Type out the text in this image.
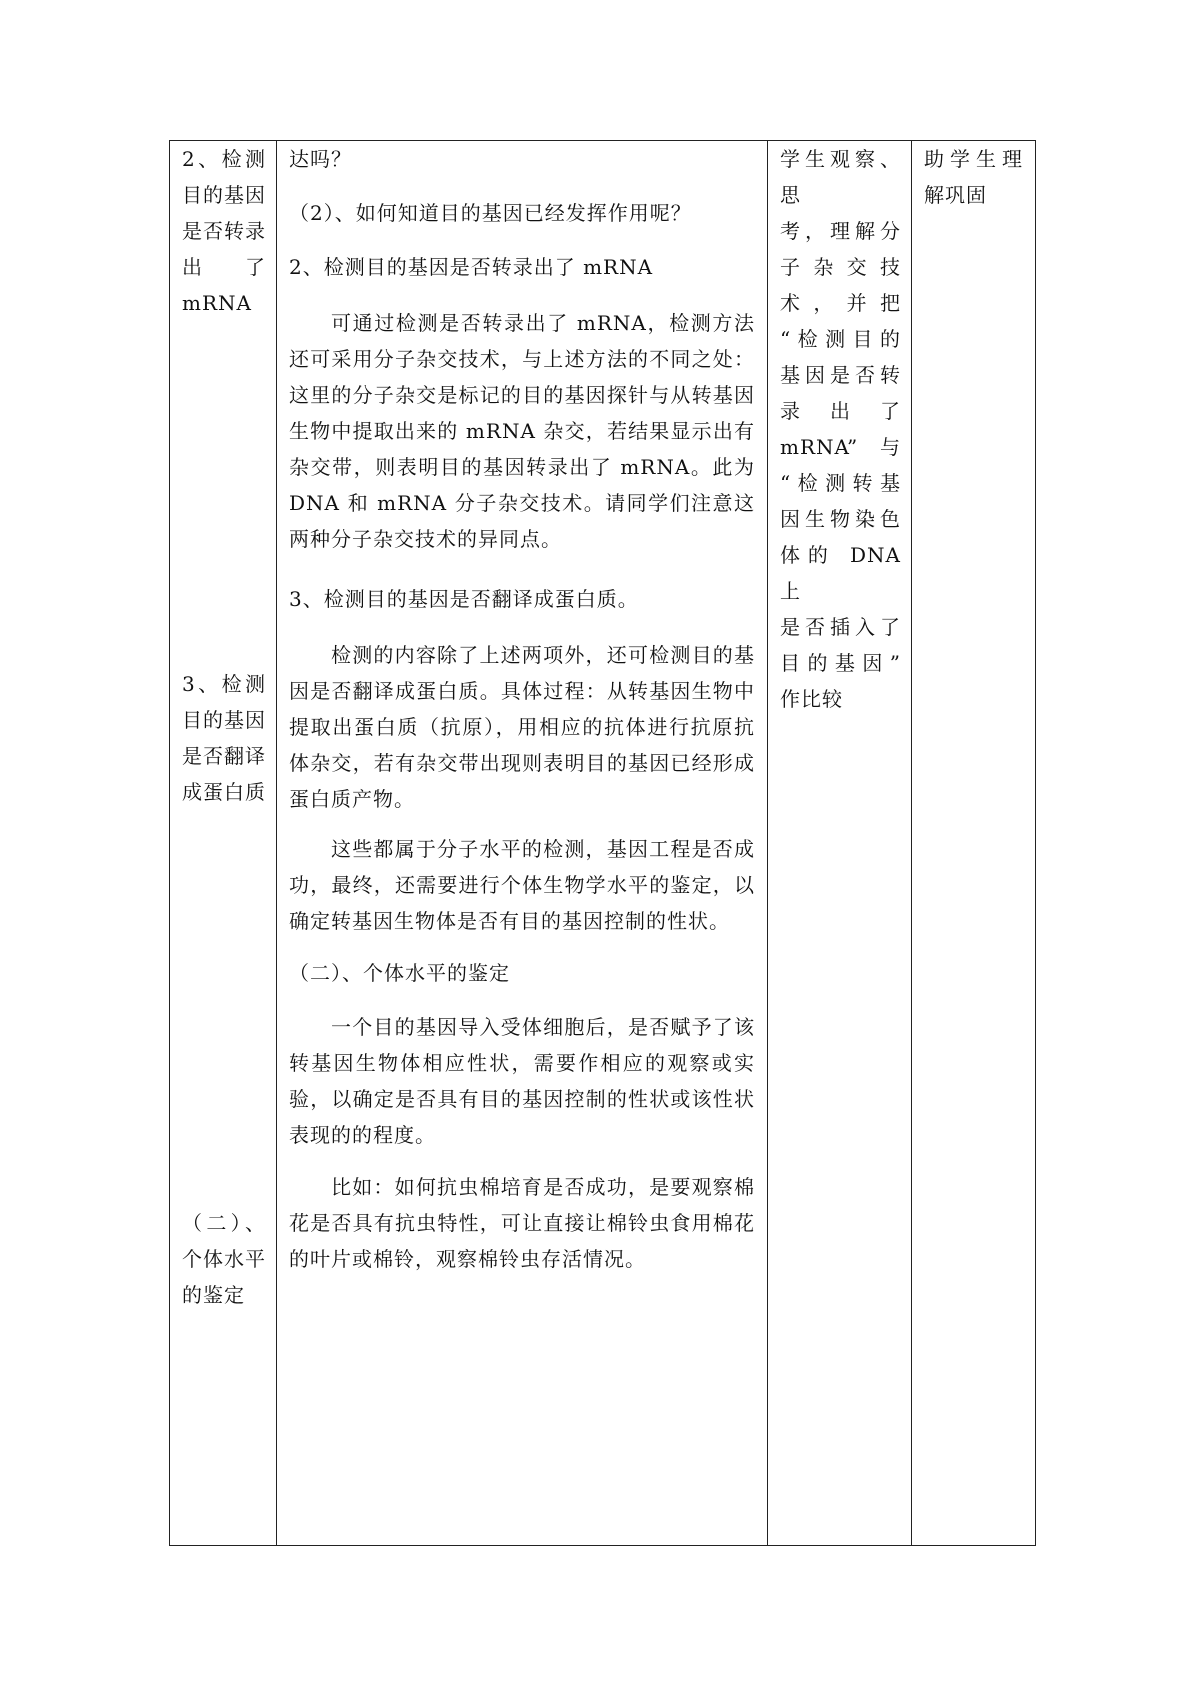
2、检测
目的基因
是否转录
出　　了
mRNA
3、检测
目的基因
是否翻译
成蛋白质
（二）、
个体水平
的鉴定

达吗？
（2）、如何知道目的基因已经发挥作用呢？
2、检测目的基因是否转录出了 mRNA
可通过检测是否转录出了 mRNA，检测方法还可采用分子杂交技术，与上述方法的不同之处：这里的分子杂交是标记的目的基因探针与从转基因生物中提取出来的 mRNA 杂交，若结果显示出有杂交带，则表明目的基因转录出了 mRNA。此为 DNA 和 mRNA 分子杂交技术。请同学们注意这两种分子杂交技术的异同点。
3、检测目的基因是否翻译成蛋白质。
检测的内容除了上述两项外，还可检测目的基因是否翻译成蛋白质。具体过程：从转基因生物中提取出蛋白质（抗原），用相应的抗体进行抗原抗体杂交，若有杂交带出现则表明目的基因已经形成蛋白质产物。
这些都属于分子水平的检测，基因工程是否成功，最终，还需要进行个体生物学水平的鉴定，以确定转基因生物体是否有目的基因控制的性状。
（二）、个体水平的鉴定
一个目的基因导入受体细胞后，是否赋予了该转基因生物体相应性状，需要作相应的观察或实验，以确定是否具有目的基因控制的性状或该性状表现的的程度。
比如：如何抗虫棉培育是否成功，是要观察棉花是否具有抗虫特性，可让直接让棉铃虫食用棉花的叶片或棉铃，观察棉铃虫存活情况。

学生观察、思
考，理解分
子杂交技
术，并把
“检测目的
基因是否转
录出了
mRNA”与
“检测转基
因生物染色
体的 DNA 上
是否插入了
目的基因”
作比较

助学生理
解巩固
